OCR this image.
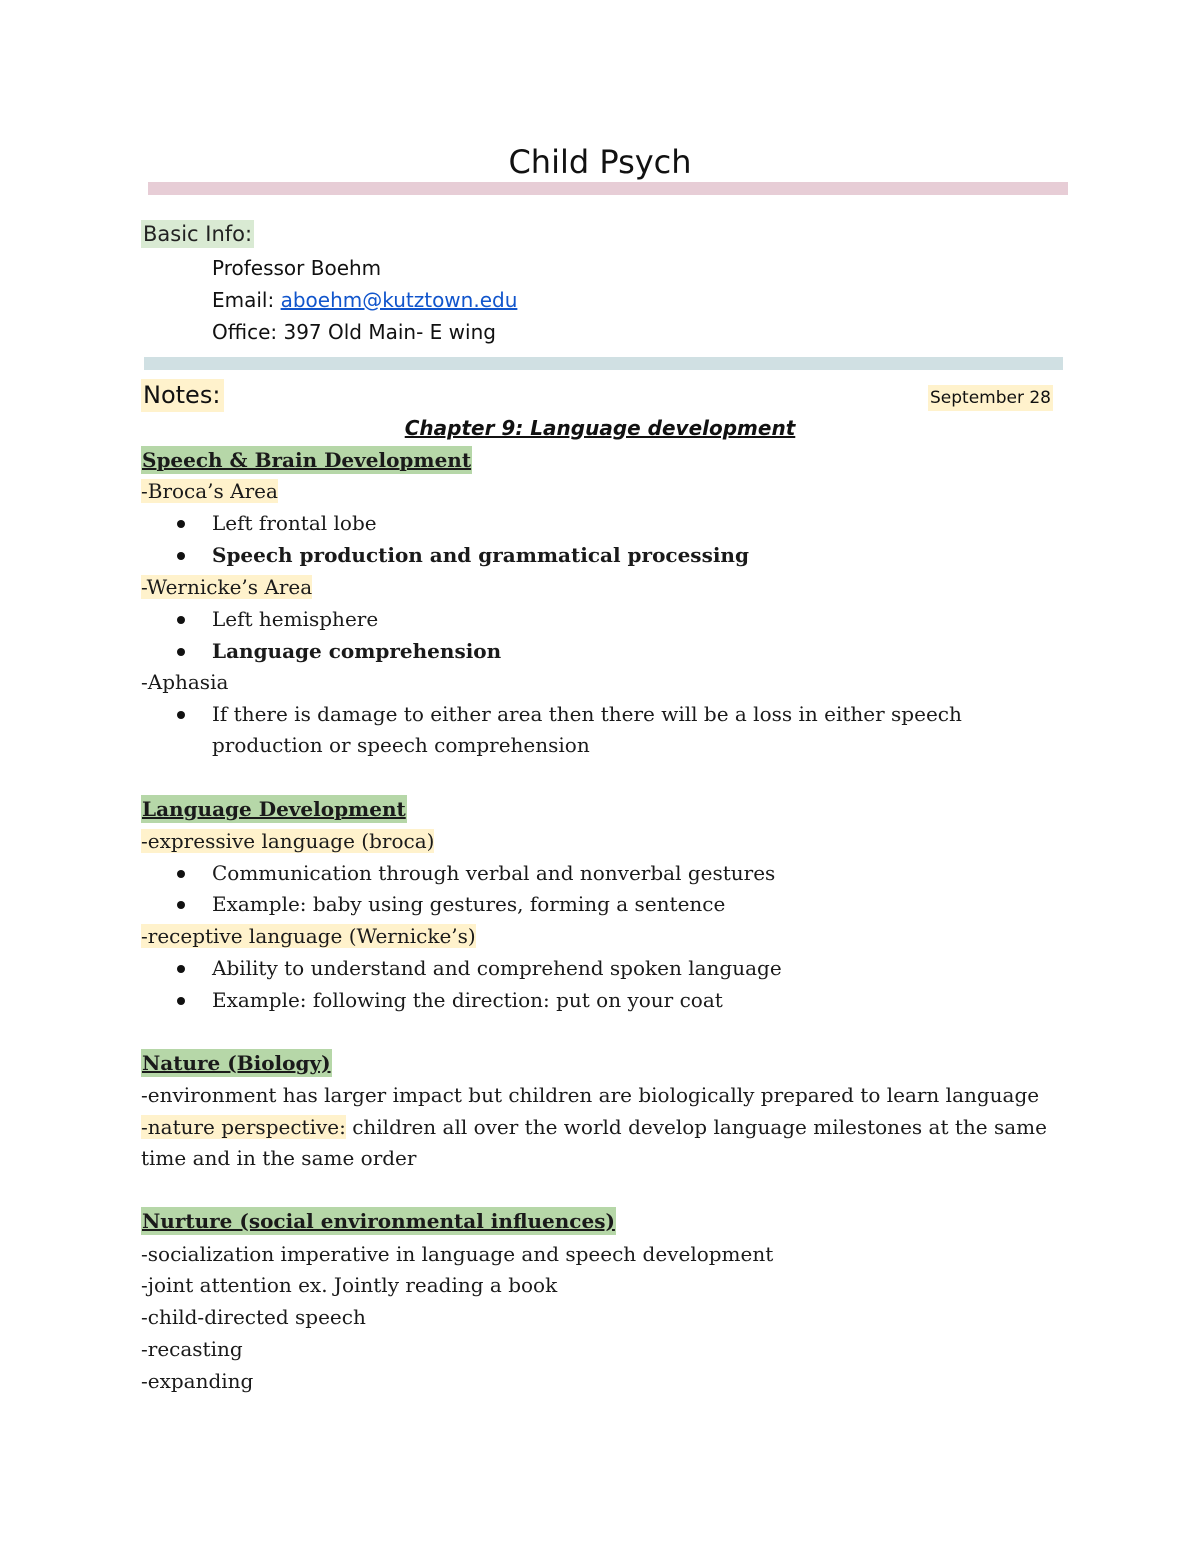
Child Psych
Basic Info:
Professor Boehm
Email: aboehm@kutztown.edu
Office: 397 Old Main- E wing
Notes:	September 28
Chapter 9: Language development
Speech & Brain Development
-Broca’s Area
Left frontal lobe
Speech production and grammatical processing
-Wernicke’s Area
Left hemisphere
Language comprehension
-Aphasia
If there is damage to either area then there will be a loss in either speech
production or speech comprehension
Language Development
-expressive language (broca)
Communication through verbal and nonverbal gestures
Example: baby using gestures, forming a sentence
-receptive language (Wernicke’s)
Ability to understand and comprehend spoken language
Example: following the direction: put on your coat
Nature (Biology)
-environment has larger impact but children are biologically prepared to learn language
-nature perspective: children all over the world develop language milestones at the same
time and in the same order
Nurture (social environmental influences)
-socialization imperative in language and speech development
-joint attention ex. Jointly reading a book
-child-directed speech
-recasting
-expanding
